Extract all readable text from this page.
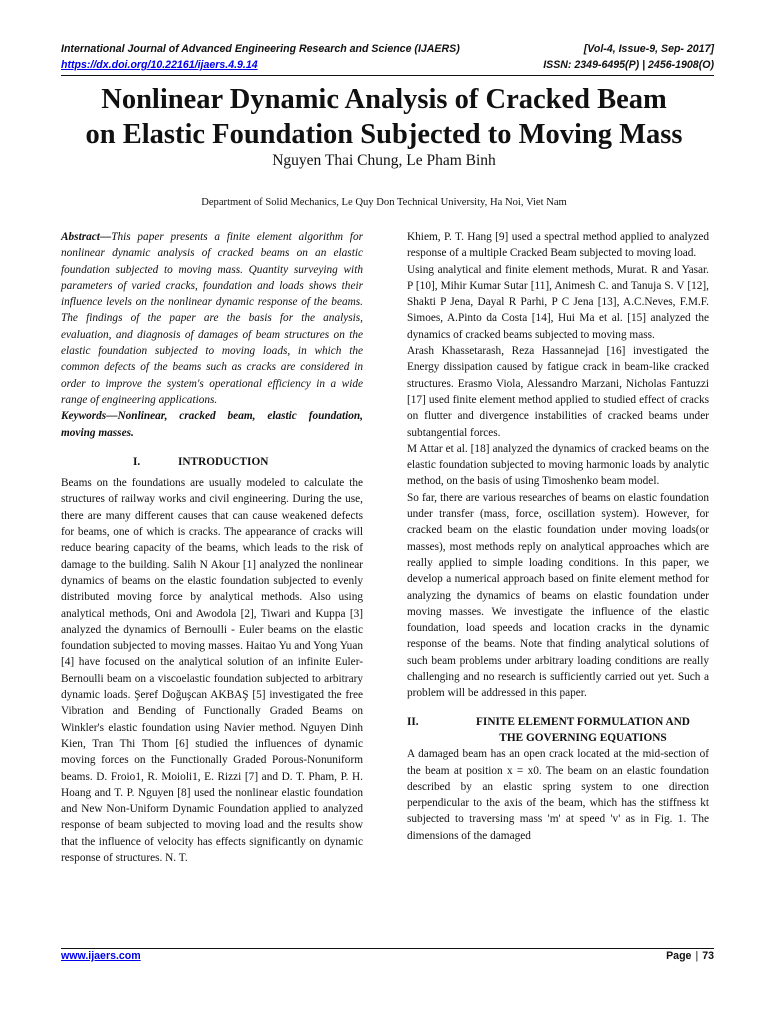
International Journal of Advanced Engineering Research and Science (IJAERS)	[Vol-4, Issue-9, Sep- 2017]
https://dx.doi.org/10.22161/ijaers.4.9.14	ISSN: 2349-6495(P) | 2456-1908(O)
Nonlinear Dynamic Analysis of Cracked Beam
on Elastic Foundation Subjected to Moving Mass
Nguyen Thai Chung, Le Pham Binh
Department of Solid Mechanics, Le Quy Don Technical University, Ha Noi, Viet Nam

Abstract—This paper presents a finite element algorithm for nonlinear dynamic analysis of cracked beams on an elastic foundation subjected to moving mass. Quantity surveying with parameters of varied cracks, foundation and loads shows their influence levels on the nonlinear dynamic response of the beams. The findings of the paper are the basis for the analysis, evaluation, and diagnosis of damages of beam structures on the elastic foundation subjected to moving loads, in which the common defects of the beams such as cracks are considered in order to improve the system's operational efficiency in a wide range of engineering applications.

Keywords—Nonlinear, cracked beam, elastic foundation, moving masses.

I.	INTRODUCTION

Beams on the foundations are usually modeled to calculate the structures of railway works and civil engineering. During the use, there are many different causes that can cause weakened defects for beams, one of which is cracks. The appearance of cracks will reduce bearing capacity of the beams, which leads to the risk of damage to the building. Salih N Akour [1] analyzed the nonlinear dynamics of beams on the elastic foundation subjected to evenly distributed moving force by analytical methods. Also using analytical methods, Oni and Awodola [2], Tiwari and Kuppa [3] analyzed the dynamics of Bernoulli - Euler beams on the elastic foundation subjected to moving masses. Haitao Yu and Yong Yuan [4] have focused on the analytical solution of an infinite Euler-Bernoulli beam on a viscoelastic foundation subjected to arbitrary dynamic loads. Şeref Doğuşcan AKBAŞ [5] investigated the free Vibration and Bending of Functionally Graded Beams on Winkler's elastic foundation using Navier method. Nguyen Dinh Kien, Tran Thi Thom [6] studied the influences of dynamic moving forces on the Functionally Graded Porous-Nonuniform beams. D. Froio1, R. Moioli1, E. Rizzi [7] and D. T. Pham, P. H. Hoang and T. P. Nguyen [8] used the nonlinear elastic foundation and New Non-Uniform Dynamic Foundation applied to analyzed response of beam subjected to moving load and the results show that the influence of velocity has effects significantly on dynamic response of structures. N. T.

Khiem, P. T. Hang [9] used a spectral method applied to analyzed response of a multiple Cracked Beam subjected to moving load.

Using analytical and finite element methods, Murat. R and Yasar. P [10], Mihir Kumar Sutar [11], Animesh C. and Tanuja S. V [12], Shakti P Jena, Dayal R Parhi, P C Jena [13], A.C.Neves, F.M.F. Simoes, A.Pinto da Costa [14], Hui Ma et al. [15] analyzed the dynamics of cracked beams subjected to moving mass.

Arash Khassetarash, Reza Hassannejad [16] investigated the Energy dissipation caused by fatigue crack in beam-like cracked structures. Erasmo Viola, Alessandro Marzani, Nicholas Fantuzzi [17] used finite element method applied to studied effect of cracks on flutter and divergence instabilities of cracked beams under subtangential forces.

M Attar et al. [18] analyzed the dynamics of cracked beams on the elastic foundation subjected to moving harmonic loads by analytic method, on the basis of using Timoshenko beam model.

So far, there are various researches of beams on elastic foundation under transfer (mass, force, oscillation system). However, for cracked beam on the elastic foundation under moving loads(or masses), most methods reply on analytical approaches which are really applied to simple loading conditions. In this paper, we develop a numerical approach based on finite element method for analyzing the dynamics of beams on elastic foundation under moving masses. We investigate the influence of the elastic foundation, load speeds and location cracks in the dynamic response of the beams. Note that finding analytical solutions of such beam problems under arbitrary loading conditions are really challenging and no research is sufficiently carried out yet. Such a problem will be addressed in this paper.

II.	FINITE ELEMENT FORMULATION AND
THE GOVERNING EQUATIONS

A damaged beam has an open crack located at the mid-section of the beam at position x = x0. The beam on an elastic foundation described by an elastic spring system to one direction perpendicular to the axis of the beam, which has the stiffness kt subjected to traversing mass 'm' at speed 'v' as in Fig. 1. The dimensions of the damaged

www.ijaers.com	Page | 73
